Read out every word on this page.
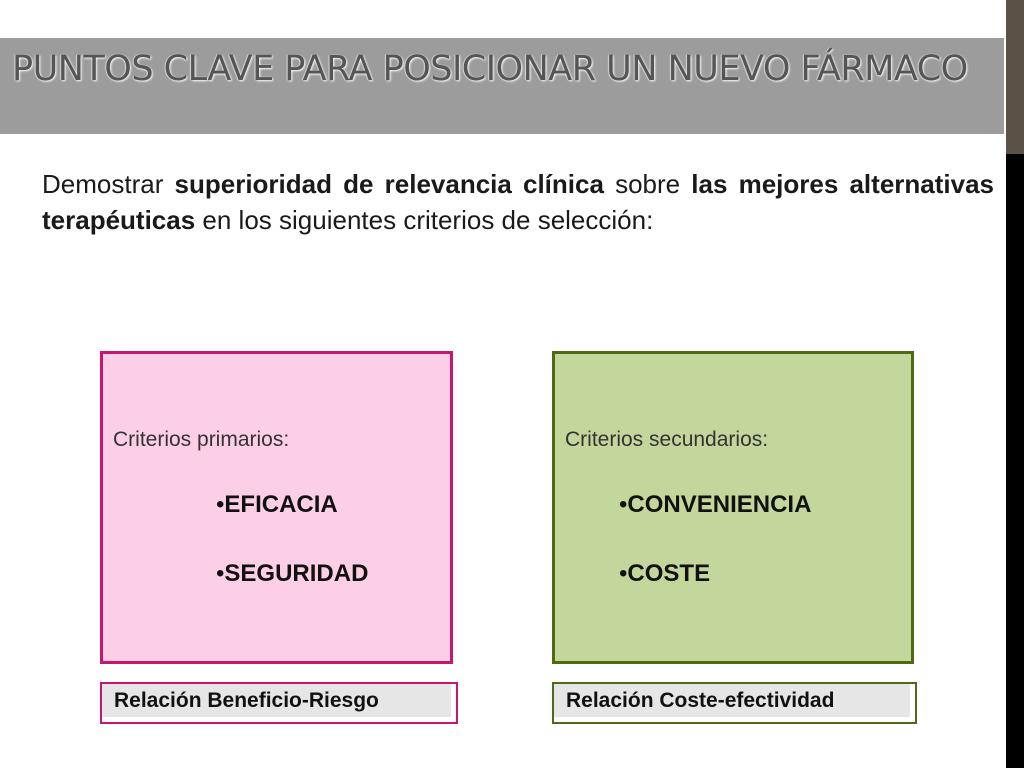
PUNTOS CLAVE PARA POSICIONAR UN NUEVO FÁRMACO

Demostrar superioridad de relevancia clínica sobre las mejores alternativas terapéuticas en los siguientes criterios de selección:

Criterios primarios:

•EFICACIA
•SEGURIDAD

Criterios secundarios:

•CONVENIENCIA
•COSTE
Relación Beneficio-Riesgo	Relación Coste-efectividad
